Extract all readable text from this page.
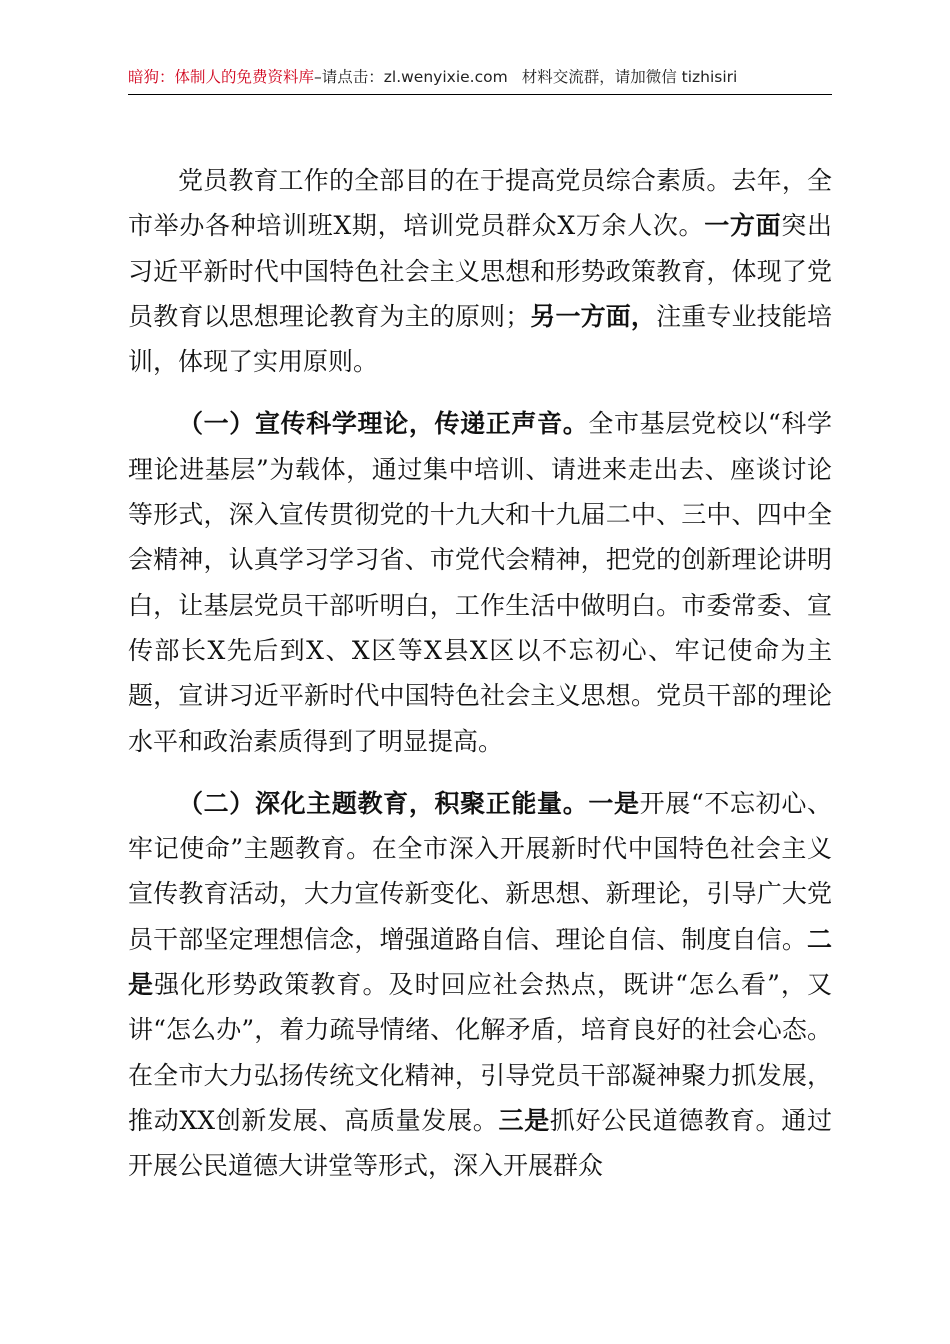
暗狗：体制人的免费资料库–请点击：zl.wenyixie.com 材料交流群，请加微信 tizhisiri

党员教育工作的全部目的在于提高党员综合素质。去年，全市举办各种培训班X期，培训党员群众X万余人次。一方面突出习近平新时代中国特色社会主义思想和形势政策教育，体现了党员教育以思想理论教育为主的原则；另一方面，注重专业技能培训，体现了实用原则。

（一）宣传科学理论，传递正声音。全市基层党校以“科学理论进基层”为载体，通过集中培训、请进来走出去、座谈讨论等形式，深入宣传贯彻党的十九大和十九届二中、三中、四中全会精神，认真学习学习省、市党代会精神，把党的创新理论讲明白，让基层党员干部听明白，工作生活中做明白。市委常委、宣传部长X先后到X、X区等X县X区以不忘初心、牢记使命为主题，宣讲习近平新时代中国特色社会主义思想。党员干部的理论水平和政治素质得到了明显提高。

（二）深化主题教育，积聚正能量。一是开展“不忘初心、牢记使命”主题教育。在全市深入开展新时代中国特色社会主义宣传教育活动，大力宣传新变化、新思想、新理论，引导广大党员干部坚定理想信念，增强道路自信、理论自信、制度自信。二是强化形势政策教育。及时回应社会热点，既讲“怎么看”，又讲“怎么办”，着力疏导情绪、化解矛盾，培育良好的社会心态。在全市大力弘扬传统文化精神，引导党员干部凝神聚力抓发展，推动XX创新发展、高质量发展。三是抓好公民道德教育。通过开展公民道德大讲堂等形式，深入开展群众
